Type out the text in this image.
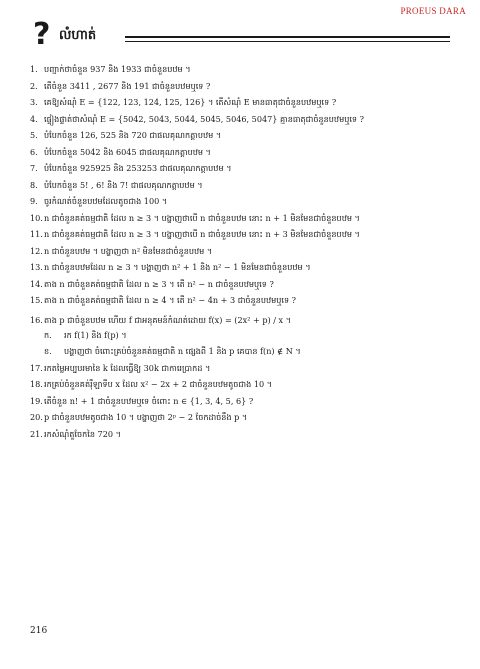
PROEUS DARA
? លំហាត់
1. បញ្ជាក់ថាចំនួន 937 និង 1933 ជាចំនួនបឋម ។
2. តើចំនួន 3411 , 2677 និង 191 ជាចំនួនបឋមឬទេ ?
3. គេឱ្យសំណុំ E = {122, 123, 124, 125, 126} ។ តើសំណុំ E មានធាតុជាចំនួនបឋមឬទេ ?
4. ផ្ទៀងផ្ទាត់ថាសំណុំ E = {5042, 5043, 5044, 5045, 5046, 5047} គ្មានធាតុជាចំនួនបឋមឬទេ ?
5. បំបែកចំនួន 126, 525 និង 720 ជាផលគុណកត្តាបឋម ។
6. បំបែកចំនួន 5042 និង 6045 ជាផលគុណកត្តាបឋម ។
7. បំបែកចំនួន 925925 និង 253253 ជាផលគុណកត្តាបឋម ។
8. បំបែកចំនួន 5! , 6! និង 7! ជាផលគុណកត្តាបឋម ។
9. ចូរកំណត់ចំនួនបឋមដែលតូចជាង 100 ។
10. n ជាចំនួនគត់ធម្មជាតិ ដែល n ≥ 3 ។ បង្ហាញថាបើ n ជាចំនួនបឋម នោះ n + 1 មិនមែនជាចំនួនបឋម ។
11. n ជាចំនួនគត់ធម្មជាតិ ដែល n ≥ 3 ។ បង្ហាញថាបើ n ជាចំនួនបឋម នោះ n + 3 មិនមែនជាចំនួនបឋម ។
12. n ជាចំនួនបឋម ។ បង្ហាញថា n² មិនមែនជាចំនួនបឋម ។
13. n ជាចំនួនបឋមដែល n ≥ 3 ។ បង្ហាញថា n² + 1 និង n² − 1 មិនមែនជាចំនួនបឋម ។
14. តាង n ជាចំនួនគត់ធម្មជាតិ ដែល n ≥ 3 ។ តើ n² − n ជាចំនួនបឋមឬទេ ?
15. តាង n ជាចំនួនគត់ធម្មជាតិ ដែល n ≥ 4 ។ តើ n² − 4n + 3 ជាចំនួនបឋមឬទេ ?
16. តាង p ជាចំនួនបឋម ហើយ f ជាអនុគមន៍កំណត់ដោយ f(x) = (2x² + p) / x ។
ក.	រក f(1) និង f(p) ។
ខ.	បង្ហាញថា ចំពោះគ្រប់ចំនួនគត់ធម្មជាតិ n ផ្សេងពី 1 និង p គេបាន f(n) ∉ N ។
17. រកតម្លៃអប្បបរមានៃ k ដែលធ្វើឱ្យ 30k ជាការេប្រាកដ ។
18. រកគ្រប់ចំនួនគត់រ៉ឺឡាទីប x ដែល x² − 2x + 2 ជាចំនួនបឋមតូចជាង 10 ។
19. តើចំនួន n! + 1 ជាចំនួនបឋមឬទេ ចំពោះ n ∈ {1, 3, 4, 5, 6} ?
20. p ជាចំនួនបឋមតូចជាង 10 ។ បង្ហាញថា 2ᵖ − 2 ចែកដាច់នឹង p ។
21. រកសំណុំតួចែកនៃ 720 ។
216
